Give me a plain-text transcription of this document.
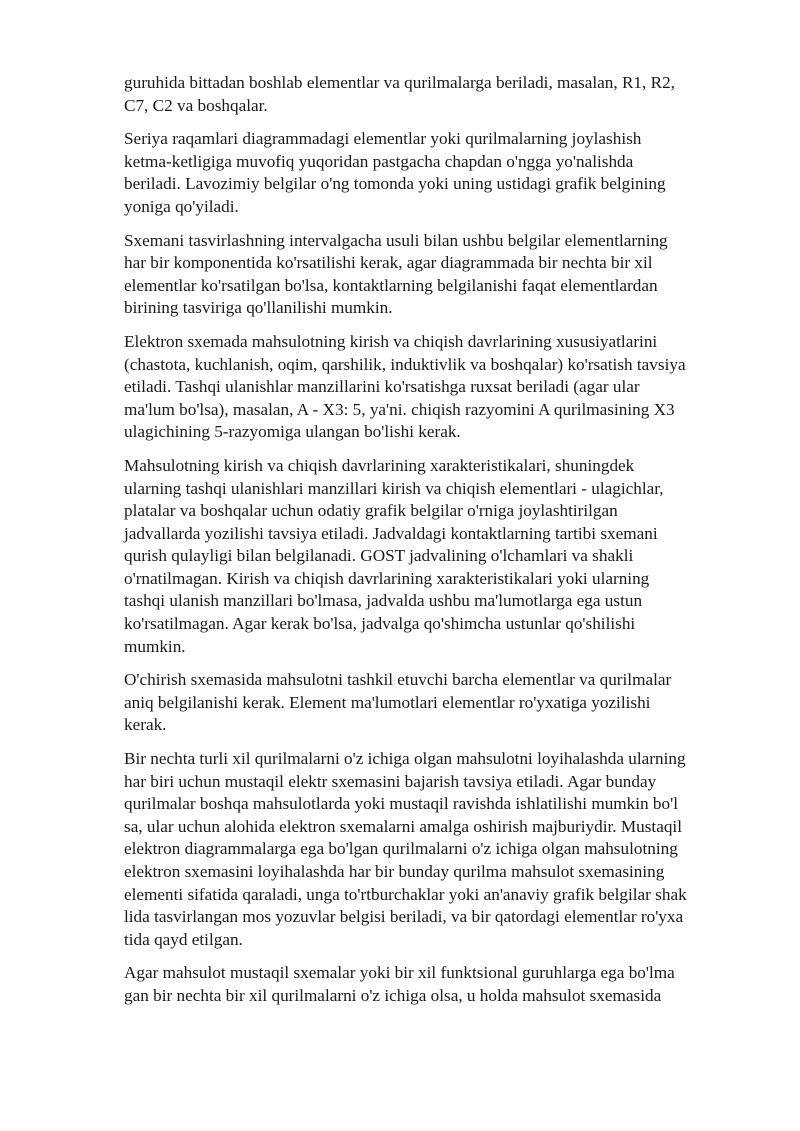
guruhida bittadan boshlab elementlar va qurilmalarga beriladi, masalan, R1, R2,
C7, C2 va boshqalar.

Seriya raqamlari diagrammadagi elementlar yoki qurilmalarning joylashish
ketma-ketligiga muvofiq yuqoridan pastgacha chapdan o'ngga yo'nalishda
beriladi. Lavozimiy belgilar o'ng tomonda yoki uning ustidagi grafik belgining
yoniga qo'yiladi.

Sxemani tasvirlashning intervalgacha usuli bilan ushbu belgilar elementlarning
har bir komponentida ko'rsatilishi kerak, agar diagrammada bir nechta bir xil
elementlar ko'rsatilgan bo'lsa, kontaktlarning belgilanishi faqat elementlardan
birining tasviriga qo'llanilishi mumkin.

Elektron sxemada mahsulotning kirish va chiqish davrlarining xususiyatlarini
(chastota, kuchlanish, oqim, qarshilik, induktivlik va boshqalar) ko'rsatish tavsiya
etiladi. Tashqi ulanishlar manzillarini ko'rsatishga ruxsat beriladi (agar ular
ma'lum bo'lsa), masalan, A - X3: 5, ya'ni. chiqish razyomini A qurilmasining X3
ulagichining 5-razyomiga ulangan bo'lishi kerak.

Mahsulotning kirish va chiqish davrlarining xarakteristikalari, shuningdek
ularning tashqi ulanishlari manzillari kirish va chiqish elementlari - ulagichlar,
platalar va boshqalar uchun odatiy grafik belgilar o'rniga joylashtirilgan
jadvallarda yozilishi tavsiya etiladi. Jadvaldagi kontaktlarning tartibi sxemani
qurish qulayligi bilan belgilanadi. GOST jadvalining o'lchamlari va shakli
o'rnatilmagan. Kirish va chiqish davrlarining xarakteristikalari yoki ularning
tashqi ulanish manzillari bo'lmasa, jadvalda ushbu ma'lumotlarga ega ustun
ko'rsatilmagan. Agar kerak bo'lsa, jadvalga qo'shimcha ustunlar qo'shilishi
mumkin.

O'chirish sxemasida mahsulotni tashkil etuvchi barcha elementlar va qurilmalar
aniq belgilanishi kerak. Element ma'lumotlari elementlar ro'yxatiga yozilishi
kerak.

Bir nechta turli xil qurilmalarni o'z ichiga olgan mahsulotni loyihalashda ularning
har biri uchun mustaqil elektr sxemasini bajarish tavsiya etiladi. Agar bunday
qurilmalar boshqa mahsulotlarda yoki mustaqil ravishda ishlatilishi mumkin bo'l
sa, ular uchun alohida elektron sxemalarni amalga oshirish majburiydir. Mustaqil
elektron diagrammalarga ega bo'lgan qurilmalarni o'z ichiga olgan mahsulotning
elektron sxemasini loyihalashda har bir bunday qurilma mahsulot sxemasining
elementi sifatida qaraladi, unga to'rtburchaklar yoki an'anaviy grafik belgilar shak
lida tasvirlangan mos yozuvlar belgisi beriladi, va bir qatordagi elementlar ro'yxa
tida qayd etilgan.

Agar mahsulot mustaqil sxemalar yoki bir xil funktsional guruhlarga ega bo'lma
gan bir nechta bir xil qurilmalarni o'z ichiga olsa, u holda mahsulot sxemasida
